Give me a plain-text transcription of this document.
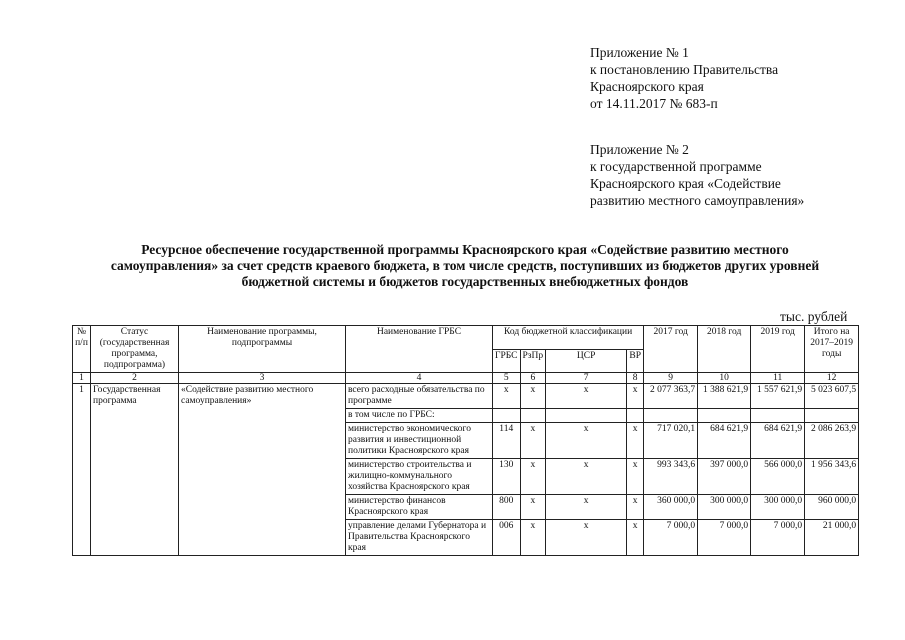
Приложение № 1
к постановлению Правительства
Красноярского края
от 14.11.2017 № 683-п
Приложение № 2
к государственной программе
Красноярского края «Содействие
развитию местного самоуправления»
Ресурсное обеспечение государственной программы Красноярского края «Содействие развитию местного
самоуправления» за счет средств краевого бюджета, в том числе средств, поступивших из бюджетов других уровней
бюджетной системы и бюджетов государственных внебюджетных фондов
тыс. рублей
№ п/п	Статус (государственная программа, подпрограмма)	Наименование программы, подпрограммы	Наименование ГРБС	Код бюджетной классификации				2017 год	2018 год	2019 год	Итого на 2017–2019 годы
				ГРБС	РзПр	ЦСР	ВР				
1	2	3	4	5	6	7	8	9	10	11	12
1	Государственная программа	«Содействие развитию местного самоуправления»	всего расходные обязательства по программе	х	х	х	х	2 077 363,7	1 388 621,9	1 557 621,9	5 023 607,5
			в том числе по ГРБС:								
			министерство экономического развития и инвестиционной политики Красноярского края	114	х	х	х	717 020,1	684 621,9	684 621,9	2 086 263,9
			министерство строительства и жилищно-коммунального хозяйства Красноярского края	130	х	х	х	993 343,6	397 000,0	566 000,0	1 956 343,6
			министерство финансов Красноярского края	800	х	х	х	360 000,0	300 000,0	300 000,0	960 000,0
			управление делами Губернатора и Правительства Красноярского края	006	х	х	х	7 000,0	7 000,0	7 000,0	21 000,0
